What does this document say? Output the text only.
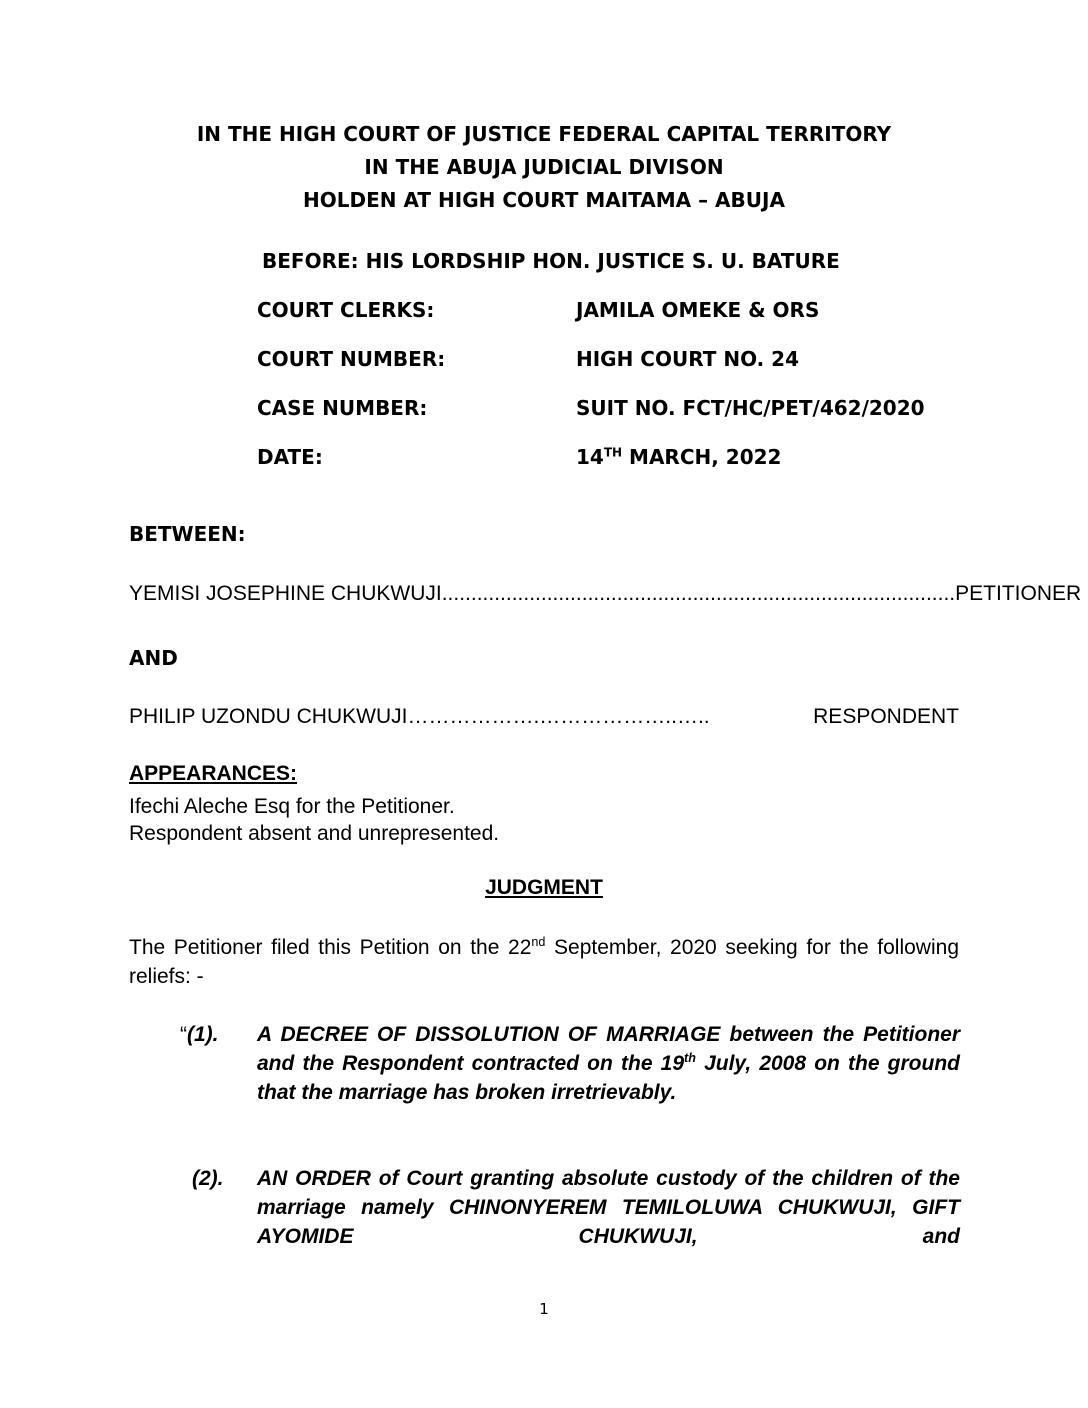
IN THE HIGH COURT OF JUSTICE FEDERAL CAPITAL TERRITORY
IN THE ABUJA JUDICIAL DIVISON
HOLDEN AT HIGH COURT MAITAMA – ABUJA
BEFORE: HIS LORDSHIP HON. JUSTICE S. U. BATURE
COURT CLERKS:	JAMILA OMEKE & ORS
COURT NUMBER:	HIGH COURT NO. 24
CASE NUMBER:	SUIT NO. FCT/HC/PET/462/2020
DATE:	14TH MARCH, 2022
BETWEEN:
YEMISI JOSEPHINE CHUKWUJI ........................................................................................ PETITIONER
AND
PHILIP UZONDU CHUKWUJI ……………….………………..…..	RESPONDENT
APPEARANCES:
Ifechi Aleche Esq for the Petitioner.
Respondent absent and unrepresented.
JUDGMENT
The Petitioner filed this Petition on the 22nd September, 2020 seeking for the following reliefs: -
“(1). A DECREE OF DISSOLUTION OF MARRIAGE between the Petitioner and the Respondent contracted on the 19th July, 2008 on the ground that the marriage has broken irretrievably.
(2). AN ORDER of Court granting absolute custody of the children of the marriage namely CHINONYEREM TEMILOLUWA CHUKWUJI, GIFT AYOMIDE CHUKWUJI, and
1
